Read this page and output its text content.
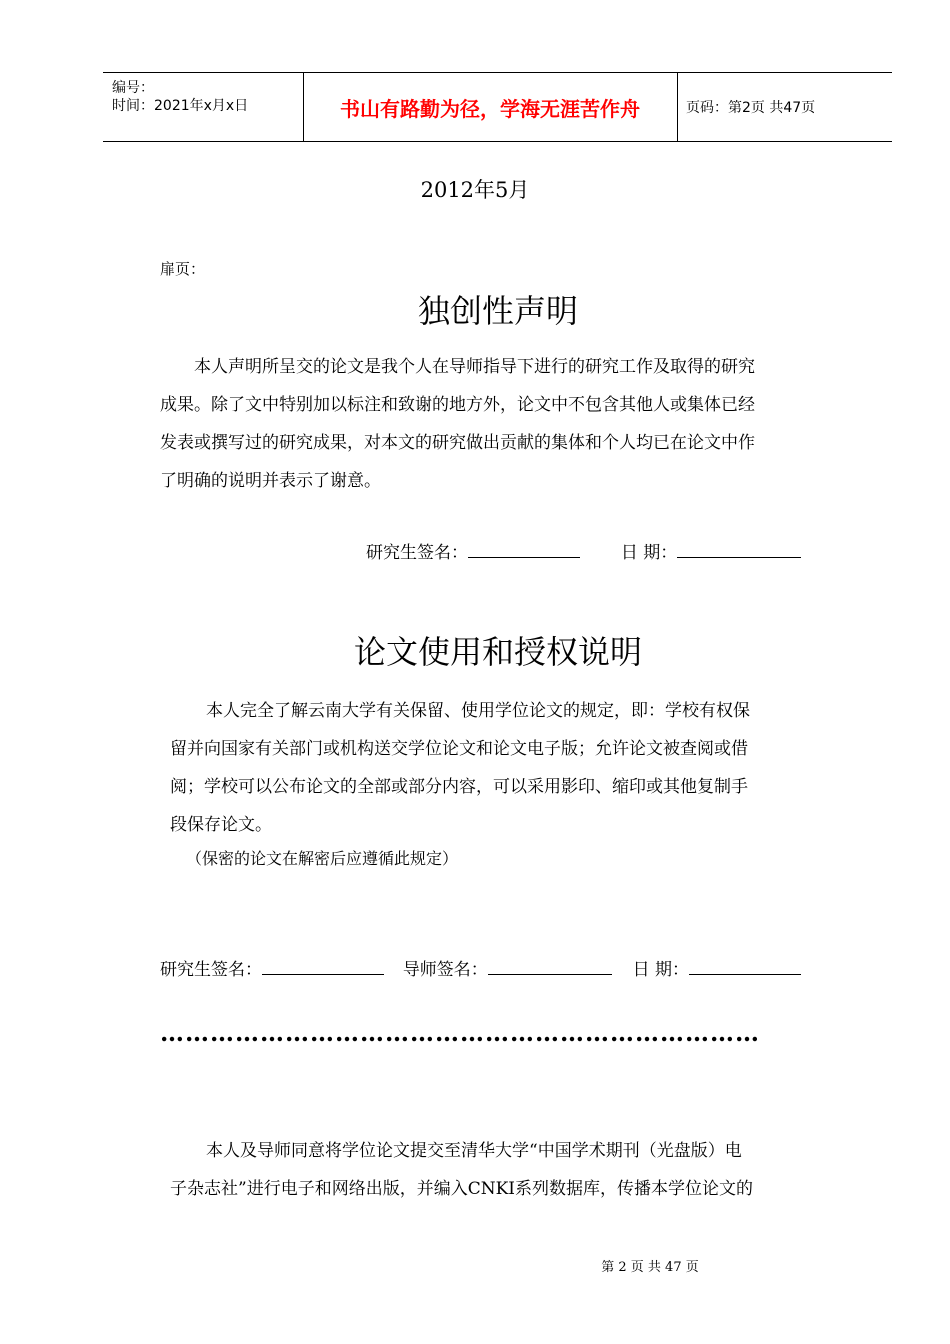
编号：
时间：2021年x月x日	书山有路勤为径，学海无涯苦作舟	页码：第2页 共47页
2012年5月
扉页：
独创性声明

本人声明所呈交的论文是我个人在导师指导下进行的研究工作及取得的研究

成果。除了文中特别加以标注和致谢的地方外，论文中不包含其他人或集体已经

发表或撰写过的研究成果，对本文的研究做出贡献的集体和个人均已在论文中作

了明确的说明并表示了谢意。

研究生签名：	日 期：
论文使用和授权说明

本人完全了解云南大学有关保留、使用学位论文的规定，即：学校有权保

留并向国家有关部门或机构送交学位论文和论文电子版；允许论文被查阅或借

阅；学校可以公布论文的全部或部分内容，可以采用影印、缩印或其他复制手

段保存论文。

（保密的论文在解密后应遵循此规定）
研究生签名：	导师签名：	日 期：
………………………………………………………………

本人及导师同意将学位论文提交至清华大学“中国学术期刊（光盘版）电

子杂志社”进行电子和网络出版，并编入CNKI系列数据库，传播本学位论文的

第 2 页 共 47 页
